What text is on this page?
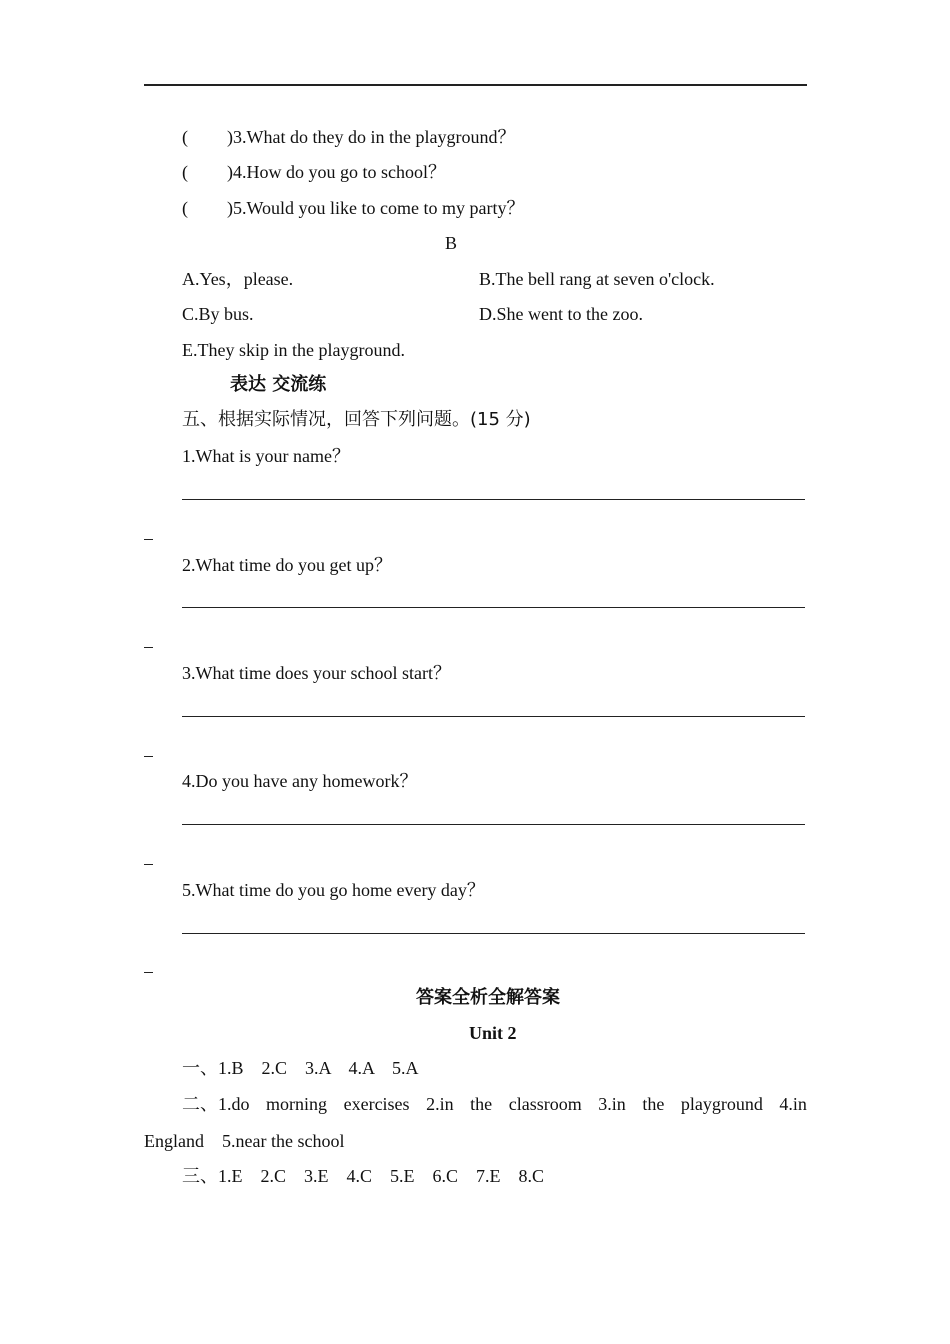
( ) 3.What do they do in the playground？
( ) 4.How do you go to school？
( ) 5.Would you like to come to my party？
B
A.Yes，please.	B.The bell rang at seven o'clock.
C.By bus.	D.She went to the zoo.
E.They skip in the playground.
表达 交流练
五、根据实际情况，回答下列问题。(15 分)
1.What is your name？
2.What time do you get up？
3.What time does your school start？
4.Do you have any homework？
5.What time do you go home every day？
答案全析全解答案
Unit 2
一、1.B　2.C　3.A　4.A　5.A
二、1.do morning exercises 2.in the classroom 3.in the playground 4.in
England　5.near the school
三、1.E　2.C　3.E　4.C　5.E　6.C　7.E　8.C
